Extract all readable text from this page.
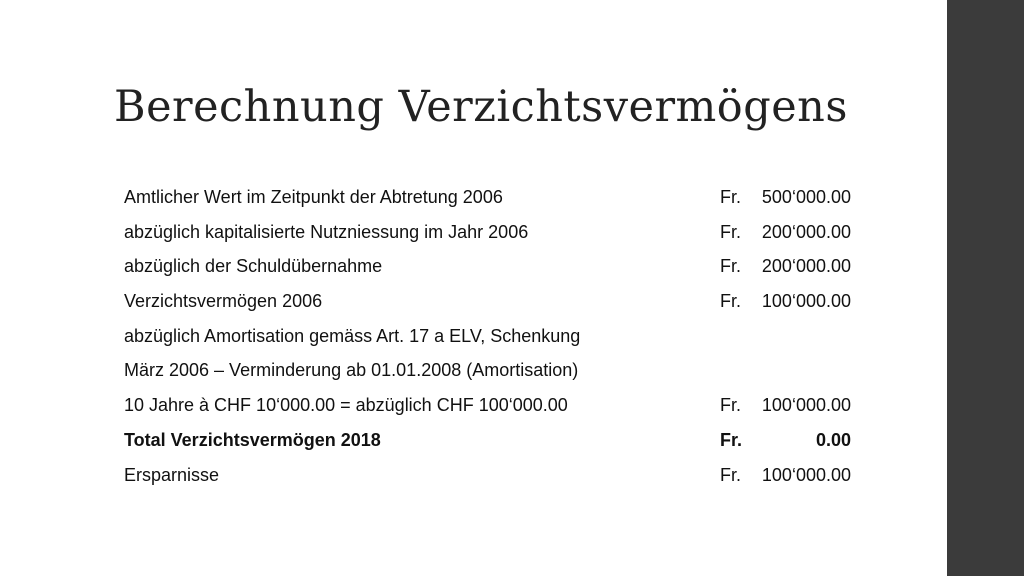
Berechnung Verzichtsvermögens
Amtlicher Wert im Zeitpunkt der Abtretung 2006	Fr. 500‘000.00
abzüglich kapitalisierte Nutzniessung im Jahr 2006	Fr. 200‘000.00
abzüglich der Schuldübernahme	Fr. 200‘000.00
Verzichtsvermögen 2006	Fr. 100‘000.00
abzüglich Amortisation gemäss Art. 17 a ELV, Schenkung
März 2006 – Verminderung ab 01.01.2008 (Amortisation)
10 Jahre à CHF 10‘000.00 = abzüglich CHF 100‘000.00	Fr. 100‘000.00
Total Verzichtsvermögen 2018	Fr.	0.00
Ersparnisse	Fr. 100‘000.00
